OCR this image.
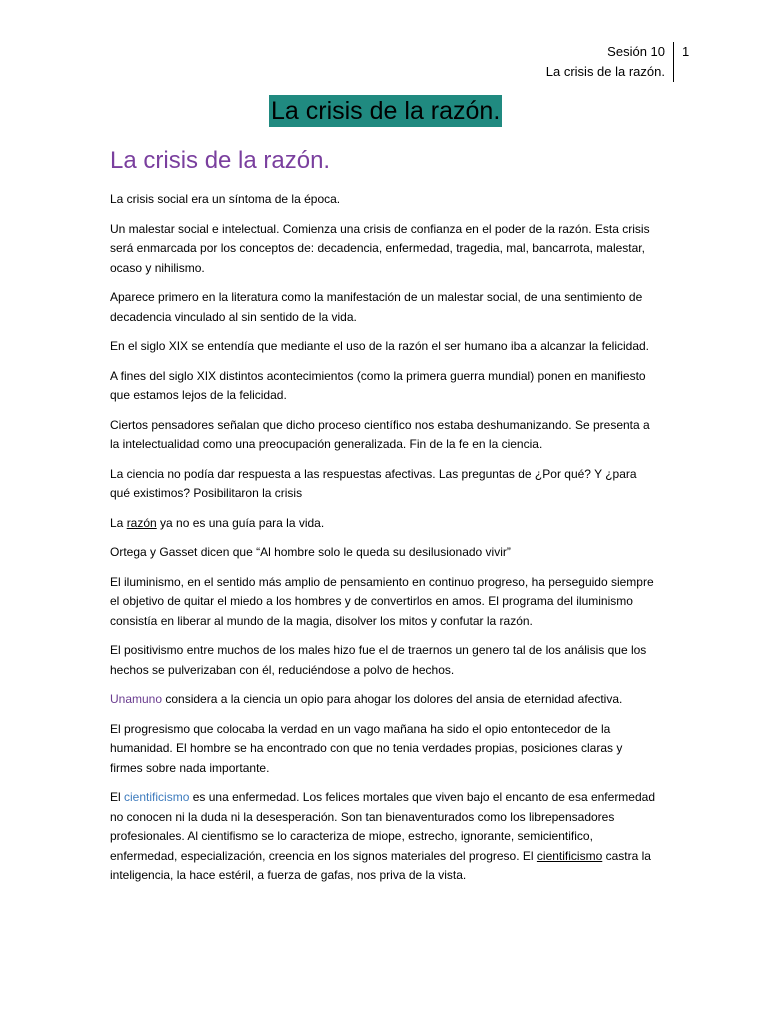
Sesión 10
La crisis de la razón.
1
La crisis de la razón.
La crisis de la razón.

La crisis social era un síntoma de la época.

Un malestar social e intelectual. Comienza una crisis de confianza en el poder de la razón. Esta crisis será enmarcada por los conceptos de: decadencia, enfermedad, tragedia, mal, bancarrota, malestar, ocaso y nihilismo.

Aparece primero en la literatura como la manifestación de un malestar social, de una sentimiento de decadencia vinculado al sin sentido de la vida.

En el siglo XIX se entendía que mediante el uso de la razón el ser humano iba a alcanzar la felicidad.

A fines del siglo XIX distintos acontecimientos (como la primera guerra mundial) ponen en manifiesto que estamos lejos de la felicidad.

Ciertos pensadores señalan que dicho proceso científico nos estaba deshumanizando. Se presenta a la intelectualidad como una preocupación generalizada. Fin de la fe en la ciencia.

La ciencia no podía dar respuesta a las respuestas afectivas. Las preguntas de ¿Por qué? Y ¿para qué existimos? Posibilitaron la crisis

La razón ya no es una guía para la vida.

Ortega y Gasset dicen que “Al hombre solo le queda su desilusionado vivir”

El iluminismo, en el sentido más amplio de pensamiento en continuo progreso, ha perseguido siempre el objetivo de quitar el miedo a los hombres y de convertirlos en amos. El programa del iluminismo consistía en liberar al mundo de la magia, disolver los mitos y confutar la razón.

El positivismo entre muchos de los males hizo fue el de traernos un genero tal de los análisis que los hechos se pulverizaban con él, reduciéndose a polvo de hechos.

Unamuno considera a la ciencia un opio para ahogar los dolores del ansia de eternidad afectiva.

El progresismo que colocaba la verdad en un vago mañana ha sido el opio entontecedor de la humanidad. El hombre se ha encontrado con que no tenia verdades propias, posiciones claras y firmes sobre nada importante.

El cientificismo es una enfermedad. Los felices mortales que viven bajo el encanto de esa enfermedad no conocen ni la duda ni la desesperación. Son tan bienaventurados como los librepensadores profesionales. Al cientifismo se lo caracteriza de miope, estrecho, ignorante, semicientifico, enfermedad, especialización, creencia en los signos materiales del progreso. El cientificismo castra la inteligencia, la hace estéril, a fuerza de gafas, nos priva de la vista.
